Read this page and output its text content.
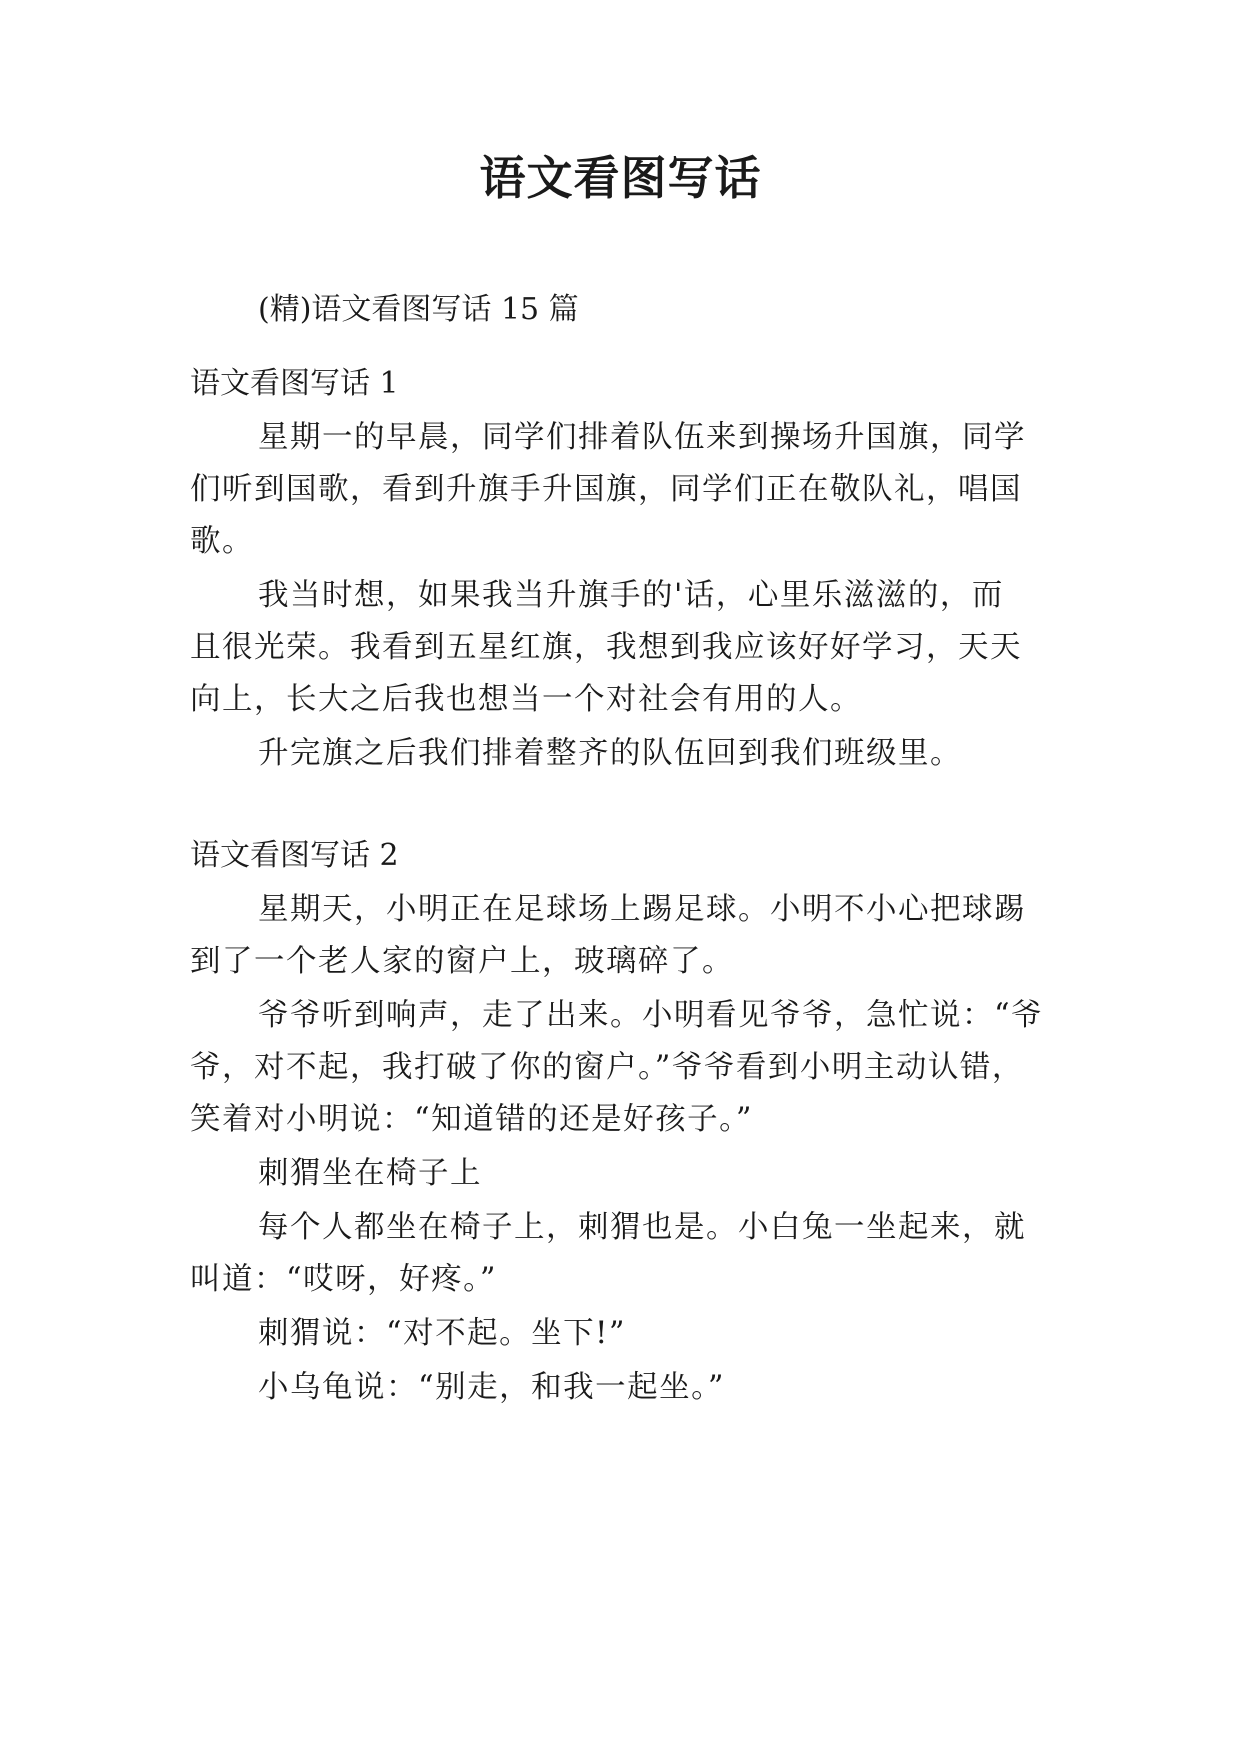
语文看图写话

(精)语文看图写话 15 篇

语文看图写话 1

星期一的早晨，同学们排着队伍来到操场升国旗，同学

们听到国歌，看到升旗手升国旗，同学们正在敬队礼，唱国

歌。

我当时想，如果我当升旗手的'话，心里乐滋滋的，而

且很光荣。我看到五星红旗，我想到我应该好好学习，天天

向上，长大之后我也想当一个对社会有用的人。

升完旗之后我们排着整齐的队伍回到我们班级里。

语文看图写话 2

星期天，小明正在足球场上踢足球。小明不小心把球踢

到了一个老人家的窗户上，玻璃碎了。

爷爷听到响声，走了出来。小明看见爷爷，急忙说：“爷

爷，对不起，我打破了你的窗户。”爷爷看到小明主动认错，

笑着对小明说：“知道错的还是好孩子。”

刺猬坐在椅子上

每个人都坐在椅子上，刺猬也是。小白兔一坐起来，就

叫道：“哎呀，好疼。”

刺猬说：“对不起。坐下!”

小乌龟说：“别走，和我一起坐。”
